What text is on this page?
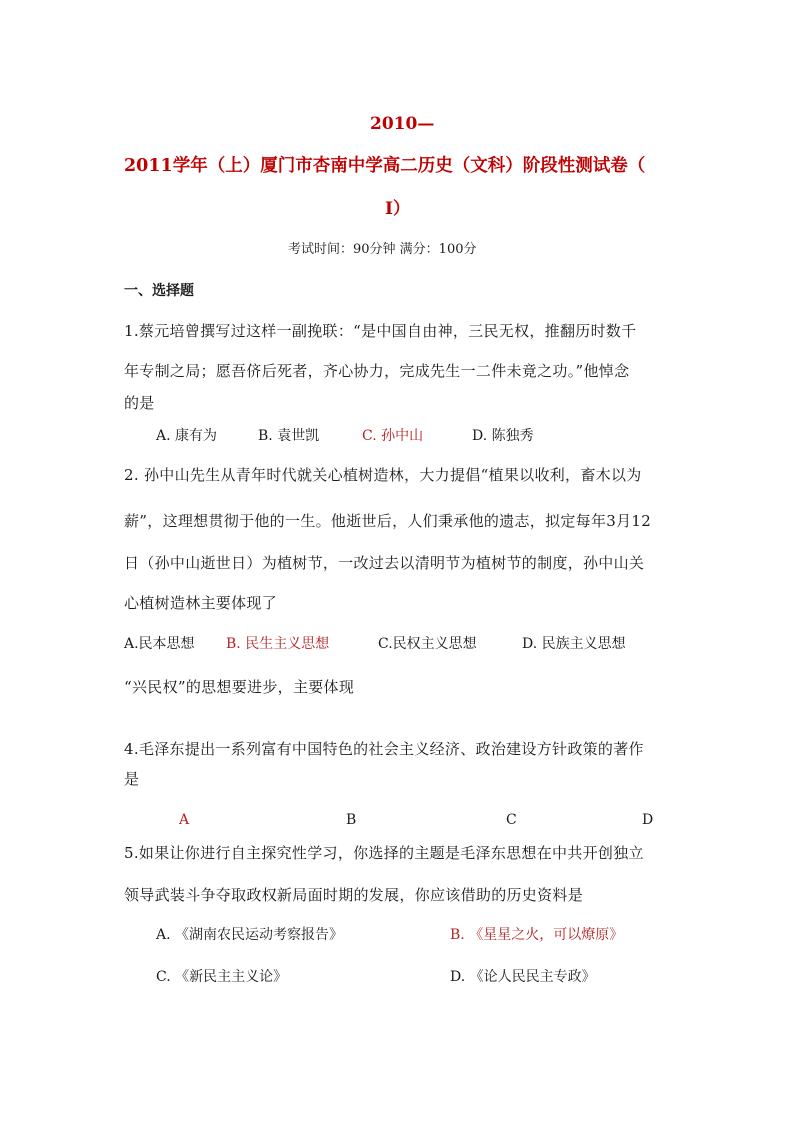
2010—
2011学年（上）厦门市杏南中学高二历史（文科）阶段性测试卷（
I）
考试时间：90分钟 满分：100分
一、选择题
1.蔡元培曾撰写过这样一副挽联：“是中国自由神，三民无权，推翻历时数千
年专制之局；愿吾侪后死者，齐心协力，完成先生一二件未竟之功。”他悼念
的是
A. 康有为	B. 袁世凯	C. 孙中山	D. 陈独秀
2. 孙中山先生从青年时代就关心植树造林，大力提倡“植果以收利，畜木以为
薪”，这理想贯彻于他的一生。他逝世后，人们秉承他的遗志，拟定每年3月12
日（孙中山逝世日）为植树节，一改过去以清明节为植树节的制度，孙中山关
心植树造林主要体现了
A.民本思想 B. 民生主义思想	C.民权主义思想	D. 民族主义思想
“兴民权”的思想要进步，主要体现
4.毛泽东提出一系列富有中国特色的社会主义经济、政治建设方针政策的著作
是
A	B	C	D
5.如果让你进行自主探究性学习，你选择的主题是毛泽东思想在中共开创独立
领导武装斗争夺取政权新局面时期的发展，你应该借助的历史资料是
A. 《湖南农民运动考察报告》	B. 《星星之火，可以燎原》
C. 《新民主主义论》	D. 《论人民民主专政》
